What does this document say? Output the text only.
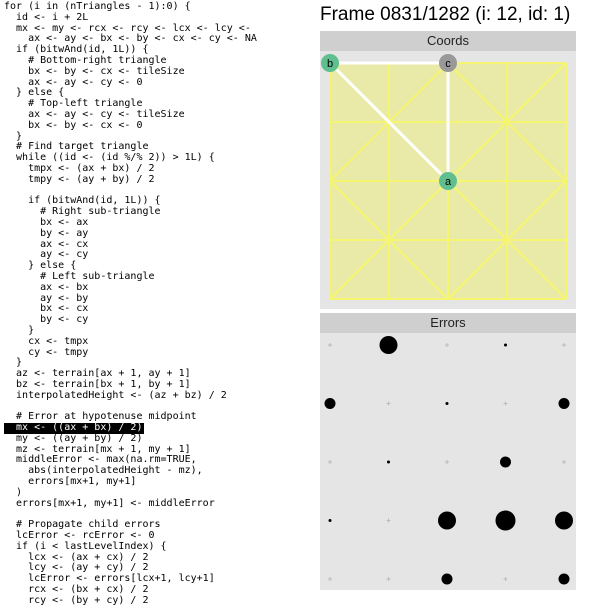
for (i in (nTriangles - 1):0) {
id <- i + 2L
mx <- my <- rcx <- rcy <- lcx <- lcy <-
ax <- ay <- bx <- by <- cx <- cy <- NA
if (bitwAnd(id, 1L)) {
# Bottom-right triangle
bx <- by <- cx <- tileSize
ax <- ay <- cy <- 0
} else {
# Top-left triangle
ax <- ay <- cy <- tileSize
bx <- by <- cx <- 0
}
# Find target triangle
while ((id <- (id %/% 2)) > 1L) {
tmpx <- (ax + bx) / 2
tmpy <- (ay + by) / 2

if (bitwAnd(id, 1L)) {
# Right sub-triangle
bx <- ax
by <- ay
ax <- cx
ay <- cy
} else {
# Left sub-triangle
ax <- bx
ay <- by
bx <- cx
by <- cy
}
cx <- tmpx
cy <- tmpy
}
az <- terrain[ax + 1, ay + 1]
bz <- terrain[bx + 1, by + 1]
interpolatedHeight <- (az + bz) / 2

# Error at hypotenuse midpoint
mx <- ((ax + bx) / 2)

my <- ((ay + by) / 2)
mz <- terrain[mx + 1, my + 1]
middleError <- max(na.rm=TRUE,
abs(interpolatedHeight - mz),
errors[mx+1, my+1]
)
errors[mx+1, my+1] <- middleError

# Propagate child errors
lcError <- rcError <- 0
if (i < lastLevelIndex) {
lcx <- (ax + cx) / 2
lcy <- (ay + cy) / 2
lcError <- errors[lcx+1, lcy+1]
rcx <- (bx + cx) / 2
rcy <- (by + cy) / 2
Frame 0831/1282 (i: 12, id: 1)
Coords
b	c
a
Errors
